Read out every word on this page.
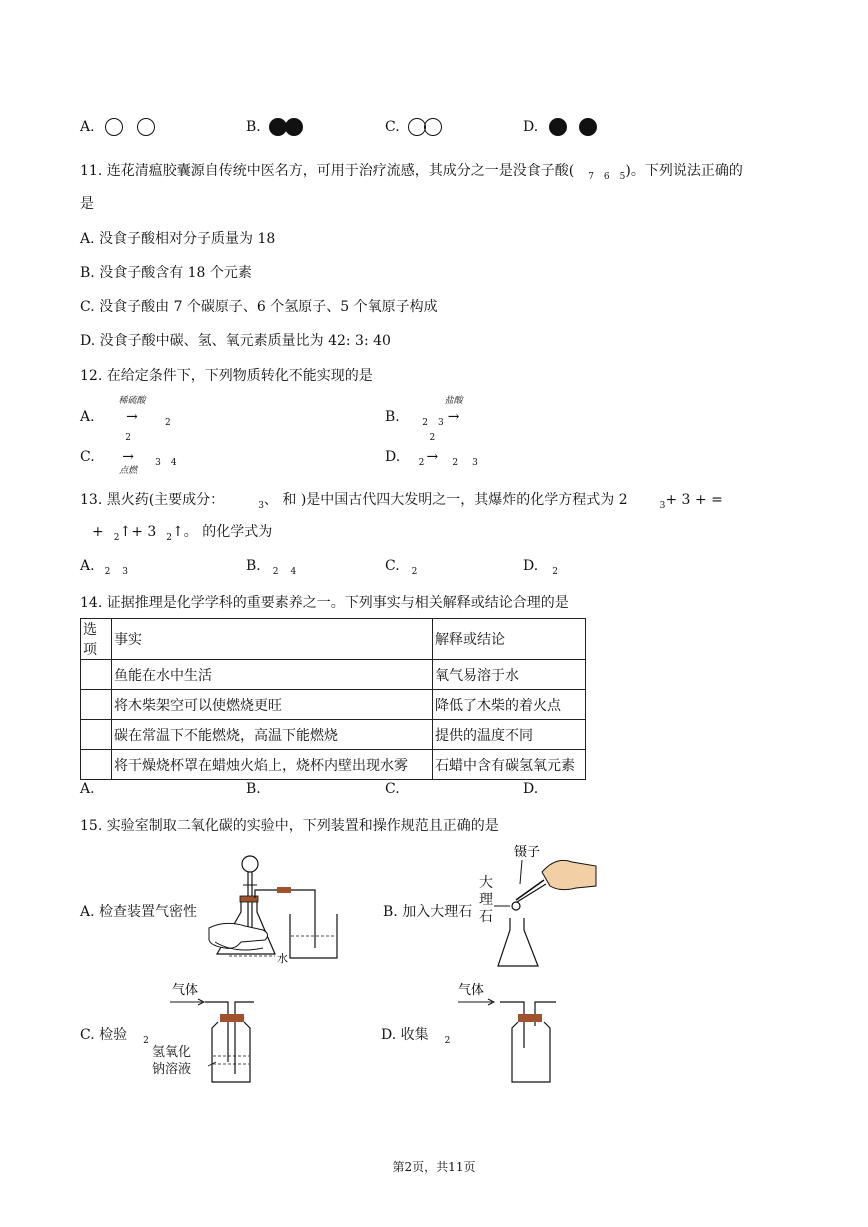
A.	B.	C.	D.
11. 连花清瘟胶囊源自传统中医名方，可用于治疗流感，其成分之一是没食子酸( $_7$ $_6$ $_5$)。下列说法正确的
是
A. 没食子酸相对分子质量为 18
B. 没食子酸含有 18 个元素
C. 没食子酸由 7 个碳原子、6 个氢原子、5 个氧原子构成
D. 没食子酸中碳、氢、氧元素质量比为 42: 3: 40
12. 在给定条件下，下列物质转化不能实现的是
A.
稀硫酸
→	$_2$	B. $_2$ $_3$
盐酸
→
C.
2
→
点燃
$_3$ $_4$	D. $_2$
2
→ $_2$ $_3$
13. 黑火药(主要成分：	$_3$、 和 )是中国古代四大发明之一，其爆炸的化学方程式为 2	$_3$+ 3 + =
+ $_2$↑+ 3 $_2$↑。 的化学式为
A. $_2$ $_3$	B. $_2$ $_4$	C. $_2$	D. $_2$
14. 证据推理是化学学科的重要素养之一。下列事实与相关解释或结论合理的是
选项	事实	解释或结论
	鱼能在水中生活	氧气易溶于水
	将木柴架空可以使燃烧更旺	降低了木柴的着火点
	碳在常温下不能燃烧，高温下能燃烧	提供的温度不同
	将干燥烧杯罩在蜡烛火焰上，烧杯内壁出现水雾	石蜡中含有碳氢氧元素
A.	B.	C.	D.
15. 实验室制取二氧化碳的实验中，下列装置和操作规范且正确的是
A. 检查装置气密性
水
B. 加入大理石
大
理
石
镊子
C. 检验 $_2$
气体
氢氧化
钠溶液
D. 收集 $_2$
气体
第2页，共11页
